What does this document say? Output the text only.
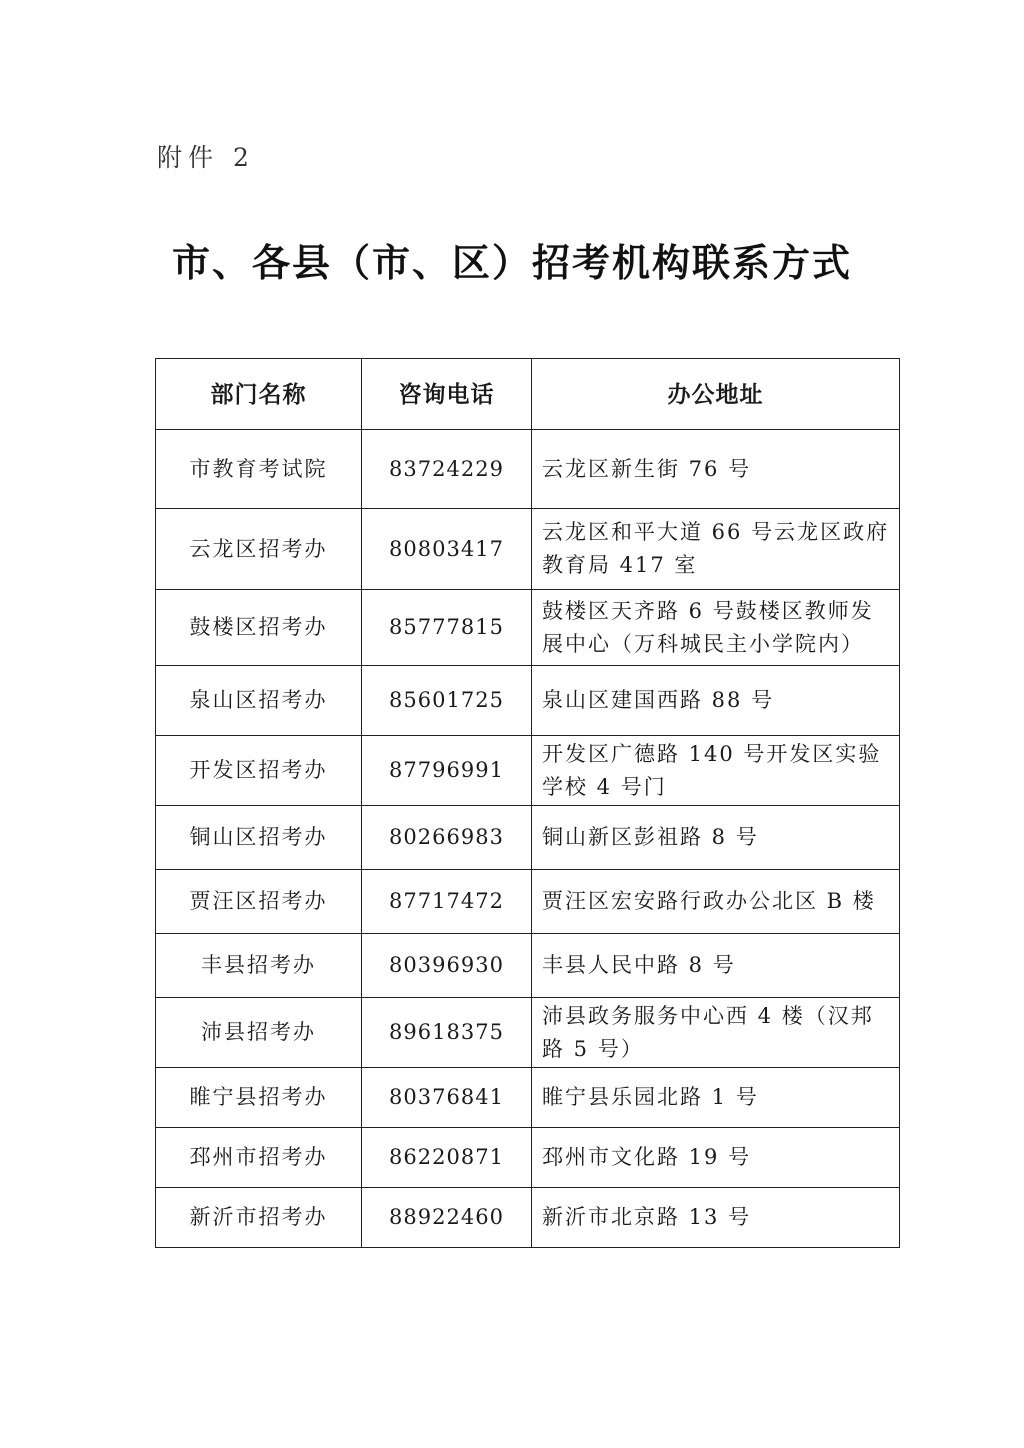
附件 2
市、各县（市、区）招考机构联系方式
部门名称	咨询电话	办公地址
市教育考试院	83724229	云龙区新生街 76 号
云龙区招考办	80803417	云龙区和平大道 66 号云龙区政府教育局 417 室
鼓楼区招考办	85777815	鼓楼区天齐路 6 号鼓楼区教师发展中心（万科城民主小学院内）
泉山区招考办	85601725	泉山区建国西路 88 号
开发区招考办	87796991	开发区广德路 140 号开发区实验学校 4 号门
铜山区招考办	80266983	铜山新区彭祖路 8 号
贾汪区招考办	87717472	贾汪区宏安路行政办公北区 B 楼
丰县招考办	80396930	丰县人民中路 8 号
沛县招考办	89618375	沛县政务服务中心西 4 楼（汉邦路 5 号）
睢宁县招考办	80376841	睢宁县乐园北路 1 号
邳州市招考办	86220871	邳州市文化路 19 号
新沂市招考办	88922460	新沂市北京路 13 号
